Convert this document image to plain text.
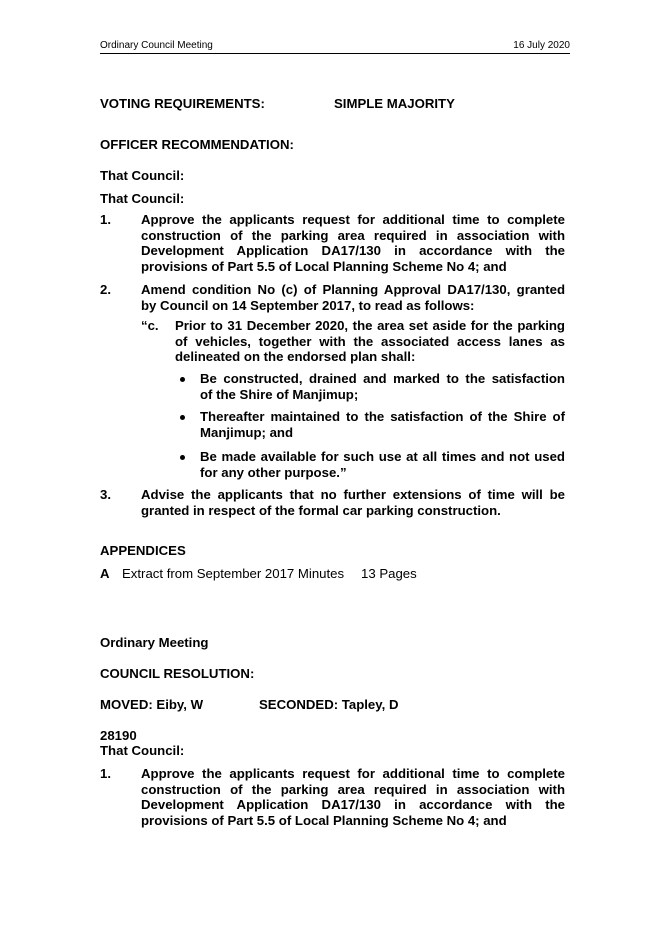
Ordinary Council Meeting	16 July 2020
VOTING REQUIREMENTS:	SIMPLE MAJORITY
OFFICER RECOMMENDATION:
That Council:
That Council:
1. Approve the applicants request for additional time to complete
construction of the parking area required in association with
Development Application DA17/130 in accordance with the
provisions of Part 5.5 of Local Planning Scheme No 4; and
2. Amend condition No (c) of Planning Approval DA17/130, granted
by Council on 14 September 2017, to read as follows:
“c. Prior to 31 December 2020, the area set aside for the parking
of vehicles, together with the associated access lanes as
delineated on the endorsed plan shall:
Be constructed, drained and marked to the satisfaction
of the Shire of Manjimup;
Thereafter maintained to the satisfaction of the Shire of
Manjimup; and
Be made available for such use at all times and not used
for any other purpose.”
3. Advise the applicants that no further extensions of time will be
granted in respect of the formal car parking construction.
APPENDICES
A Extract from September 2017 Minutes 13 Pages
Ordinary Meeting
COUNCIL RESOLUTION:
MOVED: Eiby, W	SECONDED: Tapley, D
28190
That Council:
1. Approve the applicants request for additional time to complete
construction of the parking area required in association with
Development Application DA17/130 in accordance with the
provisions of Part 5.5 of Local Planning Scheme No 4; and
